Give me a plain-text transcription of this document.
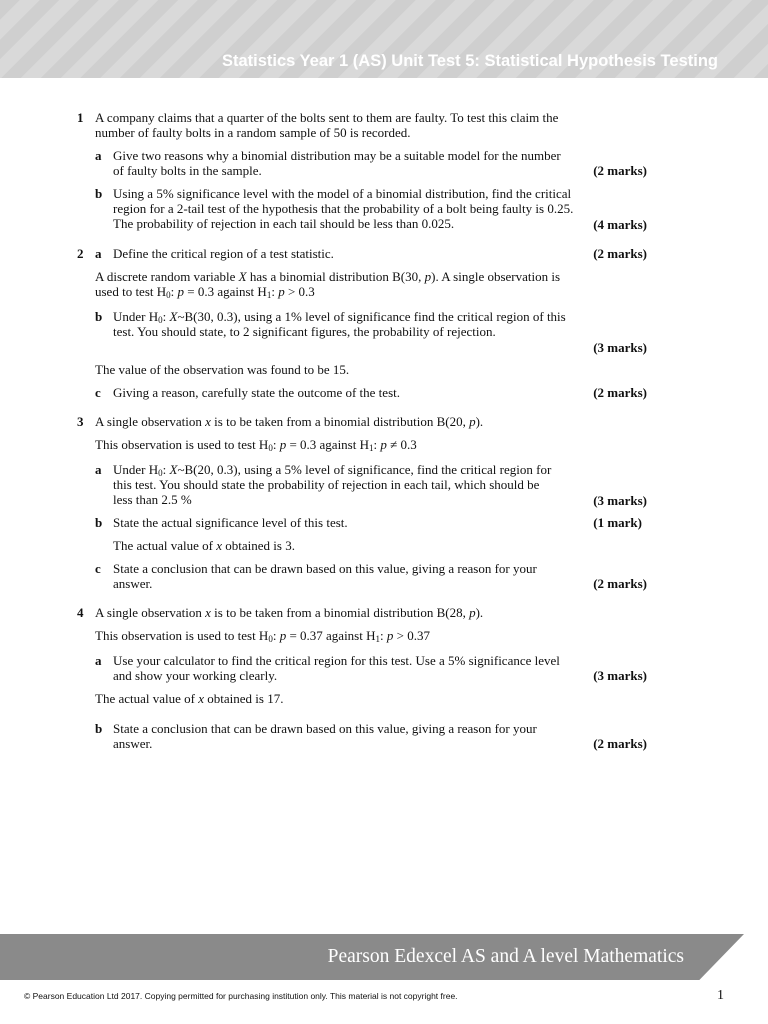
Statistics Year 1 (AS) Unit Test 5: Statistical Hypothesis Testing
1 A company claims that a quarter of the bolts sent to them are faulty. To test this claim the number of faulty bolts in a random sample of 50 is recorded.
a Give two reasons why a binomial distribution may be a suitable model for the number of faulty bolts in the sample.	(2 marks)
b Using a 5% significance level with the model of a binomial distribution, find the critical region for a 2-tail test of the hypothesis that the probability of a bolt being faulty is 0.25. The probability of rejection in each tail should be less than 0.025.	(4 marks)
2 a Define the critical region of a test statistic.	(2 marks)
A discrete random variable X has a binomial distribution B(30, p). A single observation is used to test $H_0$: p = 0.3 against $H_1$: p > 0.3
b Under $H_0$: X~B(30, 0.3), using a 1% level of significance find the critical region of this test. You should state, to 2 significant figures, the probability of rejection.
(3 marks)
The value of the observation was found to be 15.
c Giving a reason, carefully state the outcome of the test.	(2 marks)
3 A single observation x is to be taken from a binomial distribution B(20, p).
This observation is used to test $H_0$: p = 0.3 against $H_1$: p ≠ 0.3
a Under $H_0$: X~B(20, 0.3), using a 5% level of significance, find the critical region for this test. You should state the probability of rejection in each tail, which should be less than 2.5 %	(3 marks)
b State the actual significance level of this test.	(1 mark)
The actual value of x obtained is 3.
c State a conclusion that can be drawn based on this value, giving a reason for your answer.	(2 marks)
4 A single observation x is to be taken from a binomial distribution B(28, p).
This observation is used to test $H_0$: p = 0.37 against $H_1$: p > 0.37
a Use your calculator to find the critical region for this test. Use a 5% significance level and show your working clearly.	(3 marks)
The actual value of x obtained is 17.
b State a conclusion that can be drawn based on this value, giving a reason for your answer.	(2 marks)
Pearson Edexcel AS and A level Mathematics
© Pearson Education Ltd 2017. Copying permitted for purchasing institution only. This material is not copyright free.	1
